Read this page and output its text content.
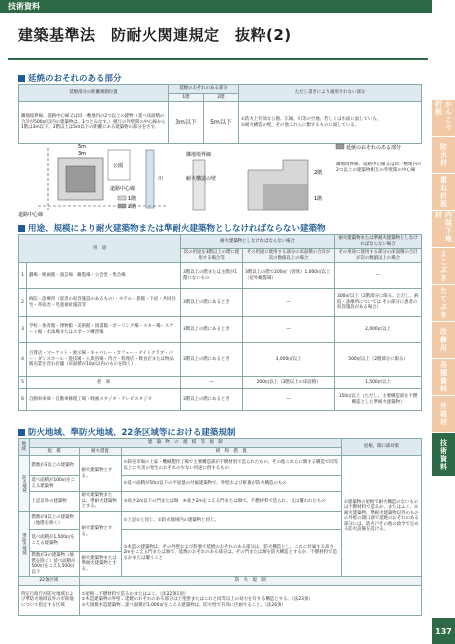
技術資料
建築基準法　防耐火関連規定　抜粋(2)
延焼のおそれのある部分
延焼部分の距離規制位置	延焼のおそれのある部分		ただし書きにより適用されない部分
	1階	2階	
隣地境界線、道路中心線又は同一敷地内の2つ以上の建物（延べ床面積の合計が500㎡以内の建築物は、1つとみなす。）相互の外壁間の中心線から1階は3m以下、2階以上は5m以下の距離にある建築物の部分をさす。	3m以下	5m以下	①防火上有効な公園、広場、川等の空地、若しくは水面に面している。
②耐火構造の壁、その他これらに類するものに面している。
公園
川
5m
3m
道路中心線
道路中心線
1階
2階
隣地境界線
耐火構造の壁
2階
1階
延焼のおそれのある部分
隣地境界線、道路中心線又は同一敷地内の2つ以上の建築物相互の外壁間の中心線
用途、規模により耐火建築物または準耐火建築物としなければならない建築物
用　途		耐火建築物としなければならない場合		耐火建築物または準耐火建築物としなければならない場合
		次の用途を3階以上の階に使用する場合等	その用途に使用する部分の床面積の合計が次の数値以上の場合	その用途に使用する部分の床面積の合計が次の数値以上の場合
1	劇場・映画館・演芸場　観覧場・公会堂・集会場	3階以上の階または主階が1階にないもの	3階以上の階で200㎡（客席）1,000㎡以上（屋外観覧場）	―
2	病院・診療所（患者の収容施設のあるもの）・ホテル・旅館・下宿・共同住宅・寄宿舎・児童福祉施設等	3階以上の階にあるとき	―	300㎡以上（2階部分に限る。ただし、病院・診療所については その部分に患者の収容施設がある場合）
3	学校・体育館・博物館・美術館・図書館・ボーリング場・スキー場・スケート場・水泳場またはスポーツ練習場	3階以上の階にあるとき	―	2,000㎡以上
4	百貨店・マーケット・展示場・キャバレー・カフェー・ナイトクラブ・バー・ダンスホール・遊技場・公衆浴場・待合・料理店・飲食店または物品販売業を営む店舗（床面積が10㎡以内のものを除く）	3階以上の階にあるとき	3,000㎡以上	500㎡以上（2階部分に限る）
5	倉　庫	―	200㎡以上（3階以上の床面積）	1,500㎡以上
6	自動車車庫・自動車修理工場・映画スタジオ・テレビスタジオ	3階以上の階にあるとき	―	150㎡以上（ただし、主要構造部を不燃構造とした準耐火建築物）
防火地域、準防火地域、22条区域等における建築規制
地域	建　築　物　の　規　模　等　規　制			屋根、開口部対策
	規　模	耐火措置	緩　和　措　置	
防火地域	階数が3以上の建築物	耐火建築物とする。	①卸売市場の上家・機械製作工場で主要構造部が不燃材料で造られたもの、その他これらに類する構造で同等以上に火災の発生のおそれの少ない用途に供するもの	①建築物の屋根で耐火構造のないものは不燃材料で造るか、またはふく。②耐火建築物、準耐火建築物以外のものの外壁の開口部で延焼のおそれのある部分には、防火戸その他の政令で定める防火設備を設ける。
	延べ面積が100㎡をこえる建築物		②延べ面積が50㎡以下の平屋建の付属建築物で、外壁および軒裏が防火構造のもの	
	上記以外の建築物	耐火建築物または、準耐火建築物とする。	③高さ2m以下の門または塀　④高さ2mをこえる門または塀で、不燃材料で造られ、又は覆われたもの	
準防火地域	階数が4以上の建築物（地階を除く）	耐火建築物とする。	①上記①と同じ。②防火地域内の建築物と同じ。	
	延べ面積が1,500㎡をこえる建築物		③本造の建築物は、その外壁および軒裏で延焼のおそれのある部分は、防火構造とし、これに付属する高さ2mをこえる門または塀で、延焼のおそれのある部分は、その門または塀を防火構造とするか、不燃材料で造るかまたは覆うこと	
	階数が3の建築物（地階を除く）延べ面積が500㎡をこえ1,500㎡以下	耐火建築物または準耐火建築物とする。		
22条区域		防　火　規　制		
特定行政庁が防火地域および準防火地域以外の市街地について指定する区域		①屋根…不燃材料で造るかまたはふく。（法22条1項）
②木造建築物の外壁…延焼のおそれのある部分は土塗壁またはこれと同等以上の効力を有する構造とする。（法23条）
③大規模木造建築物…延べ面積が1,000㎡をこえる建築物は、防火壁で有効に区画すること。（法26条）		
かんこう折板
防水材
重ね折板
内装下地材
よこぶき
たてぶき
改修用
各種資料
外装材
技術資料
137
